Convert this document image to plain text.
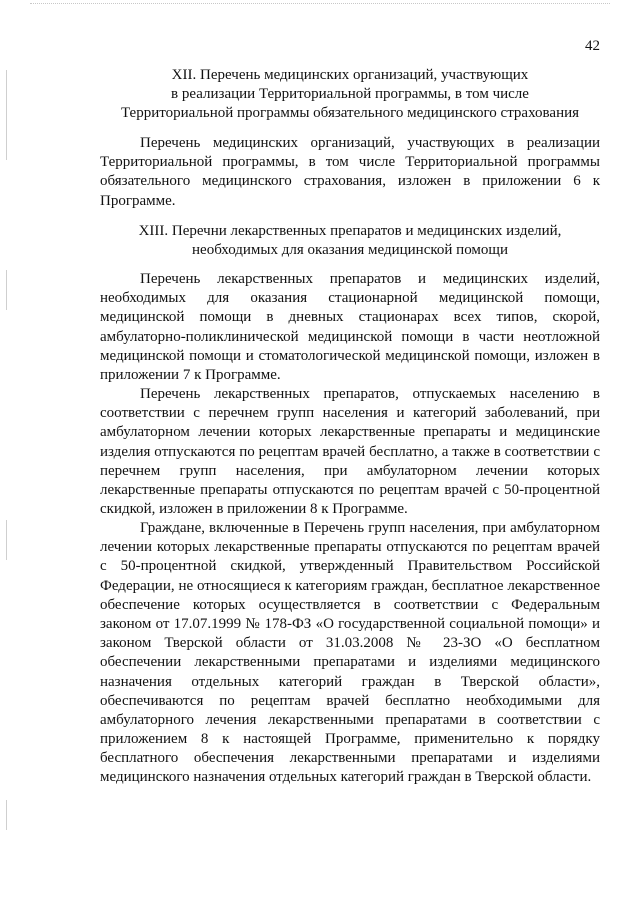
42
XII. Перечень медицинских организаций, участвующих
в реализации Территориальной программы, в том числе
Территориальной программы обязательного медицинского страхования
Перечень медицинских организаций, участвующих в реализации
Территориальной программы, в том числе Территориальной программы
обязательного медицинского страхования, изложен в приложении 6 к
Программе.
XIII. Перечни лекарственных препаратов и медицинских изделий,
необходимых для оказания медицинской помощи
Перечень лекарственных препаратов и медицинских изделий,
необходимых для оказания стационарной медицинской помощи,
медицинской помощи в дневных стационарах всех типов, скорой,
амбулаторно-поликлинической медицинской помощи в части неотложной
медицинской помощи и стоматологической медицинской помощи, изложен в
приложении 7 к Программе.
Перечень лекарственных препаратов, отпускаемых населению в
соответствии с перечнем групп населения и категорий заболеваний, при
амбулаторном лечении которых лекарственные препараты и медицинские
изделия отпускаются по рецептам врачей бесплатно, а также в соответствии с
перечнем групп населения, при амбулаторном лечении которых
лекарственные препараты отпускаются по рецептам врачей с 50-процентной
скидкой, изложен в приложении 8 к Программе.
Граждане, включенные в Перечень групп населения, при амбулаторном
лечении которых лекарственные препараты отпускаются по рецептам врачей
с 50-процентной скидкой, утвержденный Правительством Российской
Федерации, не относящиеся к категориям граждан, бесплатное лекарственное
обеспечение которых осуществляется в соответствии с Федеральным
законом от 17.07.1999 № 178-ФЗ «О государственной социальной помощи» и
законом Тверской области от 31.03.2008 № 23-ЗО «О бесплатном
обеспечении лекарственными препаратами и изделиями медицинского
назначения отдельных категорий граждан в Тверской области»,
обеспечиваются по рецептам врачей бесплатно необходимыми для
амбулаторного лечения лекарственными препаратами в соответствии с
приложением 8 к настоящей Программе, применительно к порядку
бесплатного обеспечения лекарственными препаратами и изделиями
медицинского назначения отдельных категорий граждан в Тверской области.
